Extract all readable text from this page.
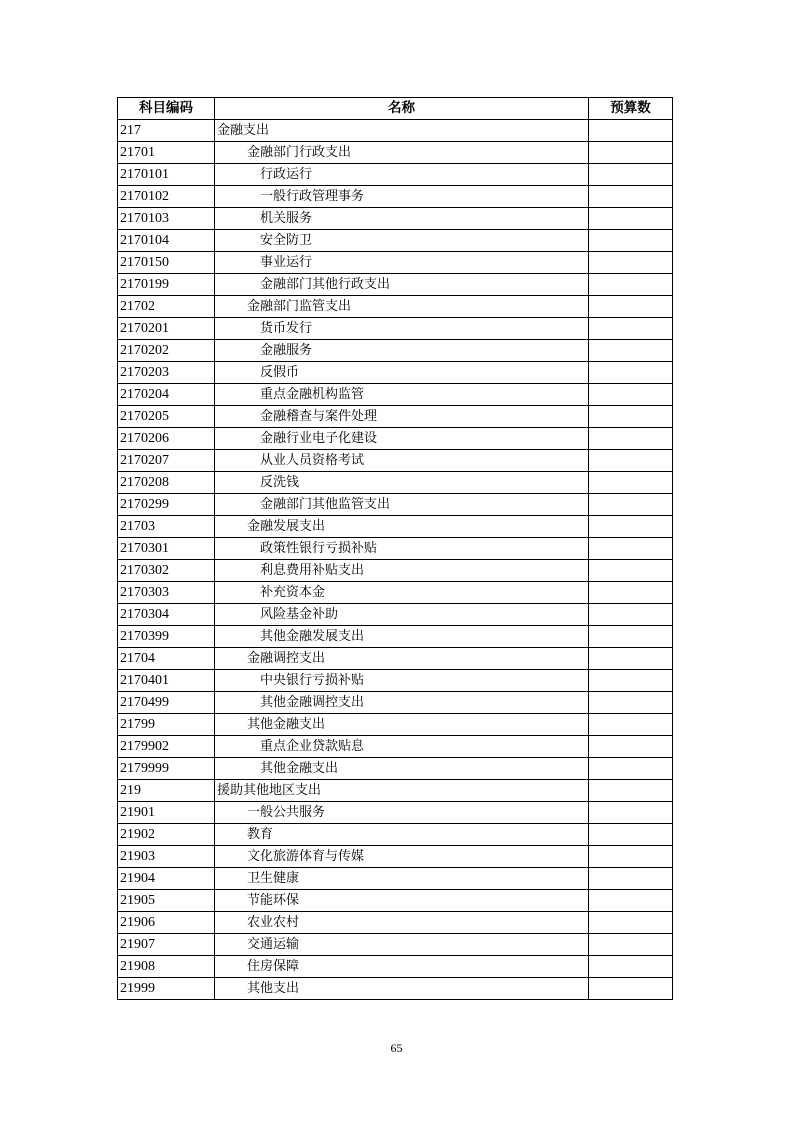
科目编码	名称	预算数
217	金融支出	
21701	金融部门行政支出	
2170101	行政运行	
2170102	一般行政管理事务	
2170103	机关服务	
2170104	安全防卫	
2170150	事业运行	
2170199	金融部门其他行政支出	
21702	金融部门监管支出	
2170201	货币发行	
2170202	金融服务	
2170203	反假币	
2170204	重点金融机构监管	
2170205	金融稽查与案件处理	
2170206	金融行业电子化建设	
2170207	从业人员资格考试	
2170208	反洗钱	
2170299	金融部门其他监管支出	
21703	金融发展支出	
2170301	政策性银行亏损补贴	
2170302	利息费用补贴支出	
2170303	补充资本金	
2170304	风险基金补助	
2170399	其他金融发展支出	
21704	金融调控支出	
2170401	中央银行亏损补贴	
2170499	其他金融调控支出	
21799	其他金融支出	
2179902	重点企业贷款贴息	
2179999	其他金融支出	
219	援助其他地区支出	
21901	一般公共服务	
21902	教育	
21903	文化旅游体育与传媒	
21904	卫生健康	
21905	节能环保	
21906	农业农村	
21907	交通运输	
21908	住房保障	
21999	其他支出	
65
